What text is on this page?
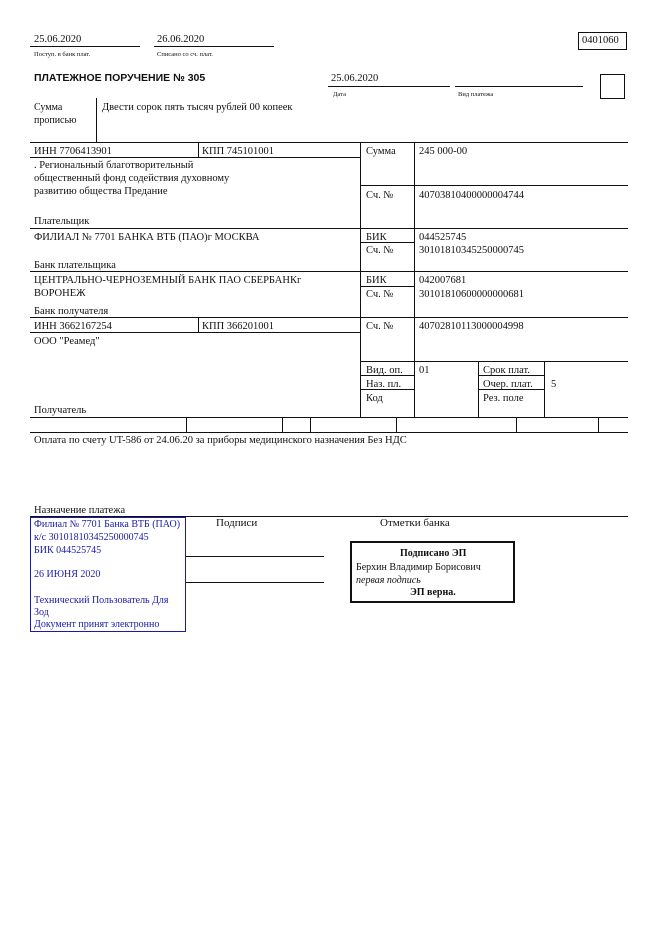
25.06.2020
Поступ. в банк плат.
26.06.2020
Списано со сч. плат.
0401060
ПЛАТЕЖНОЕ ПОРУЧЕНИЕ № 305	25.06.2020
Дата	Вид платежа
Сумма прописью
Двести сорок пять тысяч рублей 00 копеек
ИНН 7706413901	КПП 745101001
. Региональный благотворительный
общественный фонд содействия духовному
развитию общества Предание
Плательщик
Сумма 245 000-00
Сч. № 40703810400000004744
ФИЛИАЛ № 7701 БАНКА ВТБ (ПАО)г МОСКВА	БИК	044525745
Сч. № 30101810345250000745
Банк плательщика
ЦЕНТРАЛЬНО-ЧЕРНОЗЕМНЫЙ БАНК ПАО СБЕРБАНКг
ВОРОНЕЖ
БИК	042007681
Сч. № 30101810600000000681
Банк получателя
ИНН 3662167254	КПП 366201001
ООО "Реамед"
Сч. № 40702810113000004998
Вид. оп. 01	Срок плат.
Наз. пл.	Очер. плат. 5
Код	Рез. поле
Получатель
Оплата по счету UT-586 от 24.06.20 за приборы медицинского назначения Без НДС
Назначение платежа
Подписи	Отметки банка
Филиал № 7701 Банка ВТБ (ПАО)
к/с 30101810345250000745
БИК 044525745
26 ИЮНЯ 2020
Технический Пользователь Для
Зод
Документ принят электронно
Подписано ЭП
Берхин Владимир Борисович
первая подпись
ЭП верна.
